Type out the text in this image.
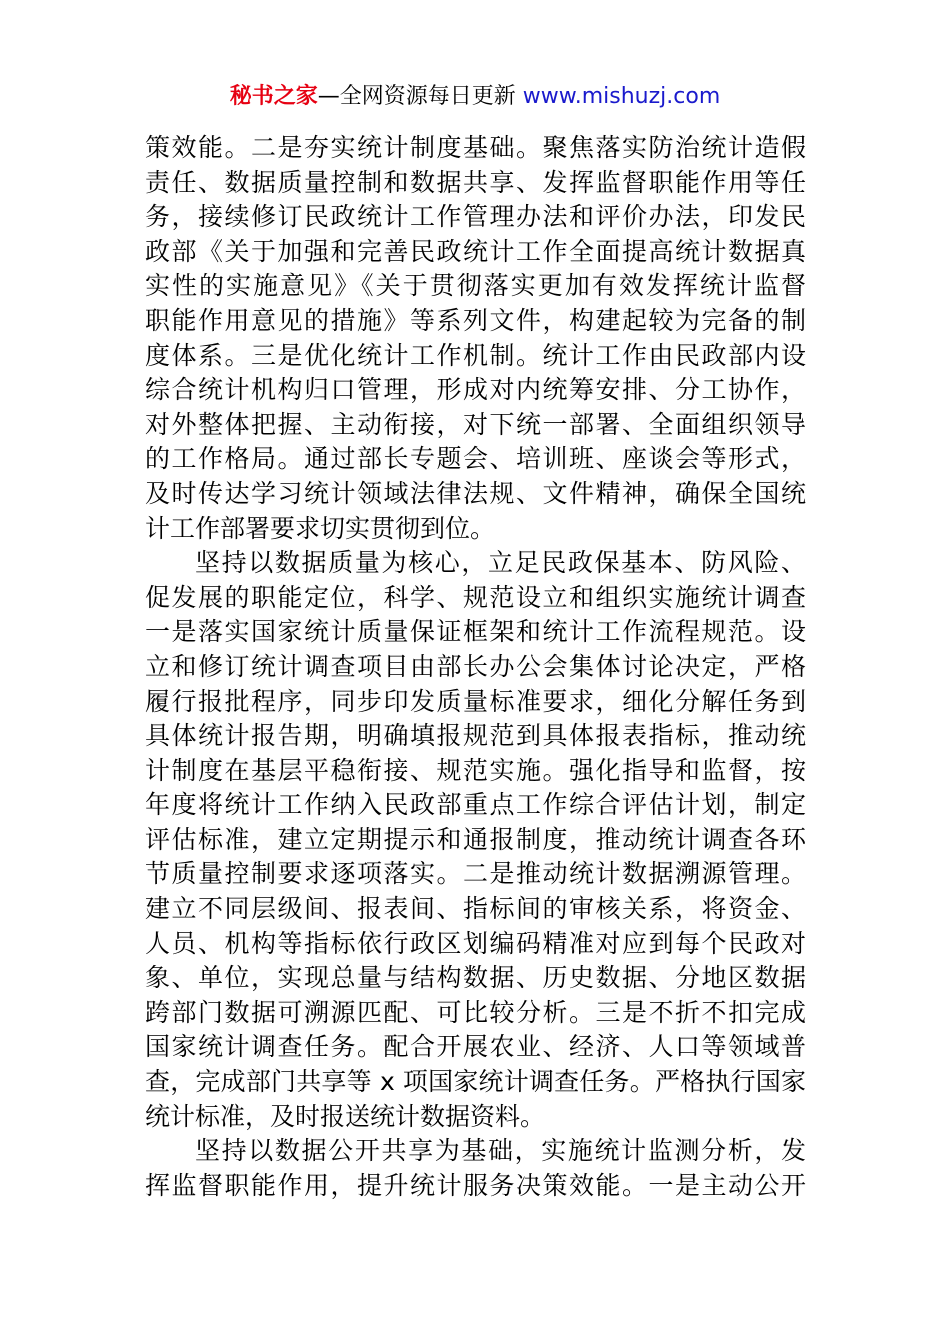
秘书之家—全网资源每日更新 www.mishuzj.com
策效能。二是夯实统计制度基础。聚焦落实防治统计造假
责任、数据质量控制和数据共享、发挥监督职能作用等任
务，接续修订民政统计工作管理办法和评价办法，印发民
政部《关于加强和完善民政统计工作全面提高统计数据真
实性的实施意见》《关于贯彻落实更加有效发挥统计监督
职能作用意见的措施》等系列文件，构建起较为完备的制
度体系。三是优化统计工作机制。统计工作由民政部内设
综合统计机构归口管理，形成对内统筹安排、分工协作，
对外整体把握、主动衔接，对下统一部署、全面组织领导
的工作格局。通过部长专题会、培训班、座谈会等形式，
及时传达学习统计领域法律法规、文件精神，确保全国统
计工作部署要求切实贯彻到位。
坚持以数据质量为核心，立足民政保基本、防风险、
促发展的职能定位，科学、规范设立和组织实施统计调查
一是落实国家统计质量保证框架和统计工作流程规范。设
立和修订统计调查项目由部长办公会集体讨论决定，严格
履行报批程序，同步印发质量标准要求，细化分解任务到
具体统计报告期，明确填报规范到具体报表指标，推动统
计制度在基层平稳衔接、规范实施。强化指导和监督，按
年度将统计工作纳入民政部重点工作综合评估计划，制定
评估标准，建立定期提示和通报制度，推动统计调查各环
节质量控制要求逐项落实。二是推动统计数据溯源管理。
建立不同层级间、报表间、指标间的审核关系，将资金、
人员、机构等指标依行政区划编码精准对应到每个民政对
象、单位，实现总量与结构数据、历史数据、分地区数据
跨部门数据可溯源匹配、可比较分析。三是不折不扣完成
国家统计调查任务。配合开展农业、经济、人口等领域普
查，完成部门共享等 x 项国家统计调查任务。严格执行国家
统计标准，及时报送统计数据资料。
坚持以数据公开共享为基础，实施统计监测分析，发
挥监督职能作用，提升统计服务决策效能。一是主动公开
